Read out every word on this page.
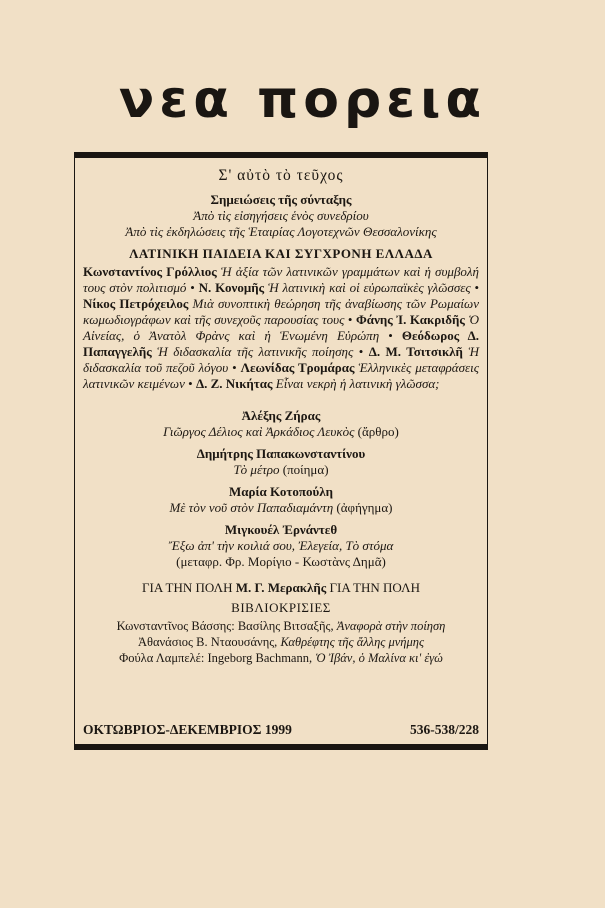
νεα πορεια
Σ' αὐτὸ τὸ τεῦχος
Σημειώσεις τῆς σύνταξης
Ἀπὸ τὶς εἰσηγήσεις ἑνὸς συνεδρίου
Ἀπὸ τὶς ἐκδηλώσεις τῆς Ἑταιρίας Λογοτεχνῶν Θεσσαλονίκης
ΛΑΤΙΝΙΚΗ ΠΑΙΔΕΙΑ ΚΑΙ ΣΥΓΧΡΟΝΗ ΕΛΛΑΔΑ
Κωνσταντίνος Γρόλλιος Ἡ ἀξία τῶν λατινικῶν γραμμάτων καὶ ἡ συμβολή τους στὸν πολιτισμό • Ν. Κονομῆς Ἡ λατινικὴ καὶ οἱ εὐρωπαϊκὲς γλῶσσες • Νίκος Πετρόχειλος Μιὰ συνοπτικὴ θεώρηση τῆς ἀναβίωσης τῶν Ρωμαίων κωμωδιογράφων καὶ τῆς συνεχοῦς παρουσίας τους • Φάνης Ἰ. Κακριδῆς Ὁ Αἰνείας, ὁ Ἀνατὸλ Φρὰνς καὶ ἡ Ἑνωμένη Εὐρώπη • Θεόδωρος Δ. Παπαγγελῆς Ἡ διδασκαλία τῆς λατινικῆς ποίησης • Δ. Μ. Τσιτσικλῆ Ἡ διδασκαλία τοῦ πεζοῦ λόγου • Λεωνίδας Τρομάρας Ἑλληνικὲς μεταφράσεις λατινικῶν κειμένων • Δ. Ζ. Νικήτας Εἶναι νεκρὴ ἡ λατινικὴ γλῶσσα;
Ἀλέξης Ζήρας
Γιῶργος Δέλιος καὶ Ἀρκάδιος Λευκὸς (ἄρθρο)
Δημήτρης Παπακωνσταντίνου
Τὸ μέτρο (ποίημα)
Μαρία Κοτοπούλη
Μὲ τὸν νοῦ στὸν Παπαδιαμάντη (ἀφήγημα)
Μιγκουέλ Ἐρνάντεθ
Ἔξω ἀπ' τὴν κοιλιά σου, Ἐλεγεία, Τὸ στόμα
(μεταφρ. Φρ. Μορίγιο - Κωστὰνς Δημᾶ)
ΓΙΑ ΤΗΝ ΠΟΛΗ Μ. Γ. Μερακλῆς ΓΙΑ ΤΗΝ ΠΟΛΗ
ΒΙΒΛΙΟΚΡΙΣΙΕΣ
Κωνσταντῖνος Βάσσης: Βασίλης Βιτσαξῆς, Ἀναφορὰ στὴν ποίηση
Ἀθανάσιος Β. Νταουσάνης, Καθρέφτης τῆς ἄλλης μνήμης
Φούλα Λαμπελέ: Ingeborg Bachmann, Ὁ Ἰβάν, ὁ Μαλίνα κι' ἐγώ
ΟΚΤΩΒΡΙΟΣ-ΔΕΚΕΜΒΡΙΟΣ 1999	536-538/228
